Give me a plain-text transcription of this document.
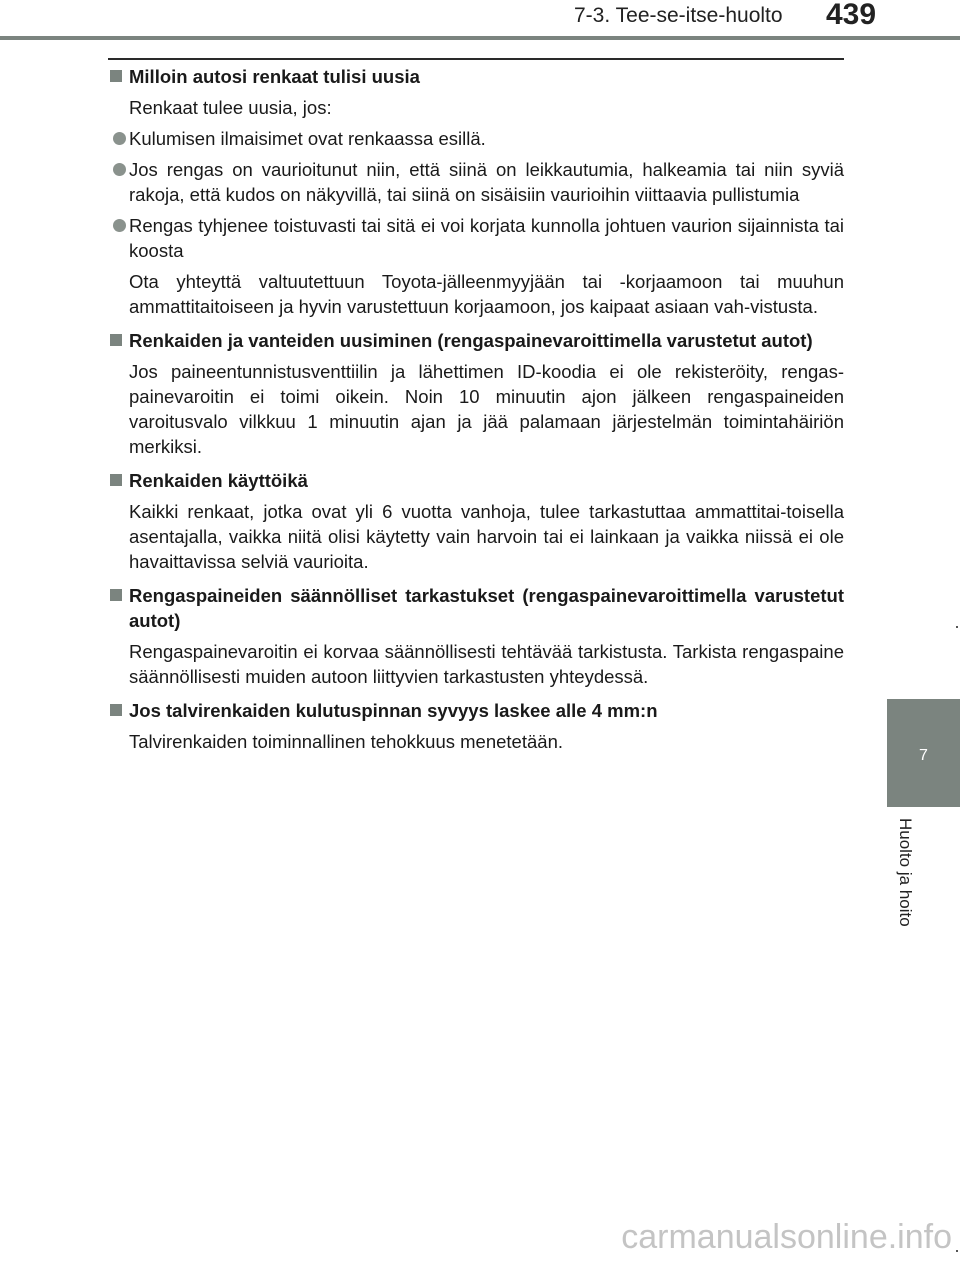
7-3. Tee-se-itse-huolto 439
7
Huolto ja hoito
Milloin autosi renkaat tulisi uusia
Renkaat tulee uusia, jos:
Kulumisen ilmaisimet ovat renkaassa esillä.
Jos rengas on vaurioitunut niin, että siinä on leikkautumia, halkeamia tai niin syviä rakoja, että kudos on näkyvillä, tai siinä on sisäisiin vaurioihin viittaavia pullistumia
Rengas tyhjenee toistuvasti tai sitä ei voi korjata kunnolla johtuen vaurion sijainnista tai koosta
Ota yhteyttä valtuutettuun Toyota-jälleenmyyjään tai -korjaamoon tai muuhun ammattitaitoiseen ja hyvin varustettuun korjaamoon, jos kaipaat asiaan vah-vistusta.
Renkaiden ja vanteiden uusiminen (rengaspainevaroittimella varustetut autot)
Jos paineentunnistusventtiilin ja lähettimen ID-koodia ei ole rekisteröity, rengas-painevaroitin ei toimi oikein. Noin 10 minuutin ajon jälkeen rengaspaineiden varoitusvalo vilkkuu 1 minuutin ajan ja jää palamaan järjestelmän toimintahäiriön merkiksi.
Renkaiden käyttöikä
Kaikki renkaat, jotka ovat yli 6 vuotta vanhoja, tulee tarkastuttaa ammattitai-toisella asentajalla, vaikka niitä olisi käytetty vain harvoin tai ei lainkaan ja vaikka niissä ei ole havaittavissa selviä vaurioita.
Rengaspaineiden säännölliset tarkastukset (rengaspainevaroittimella varustetut autot)
Rengaspainevaroitin ei korvaa säännöllisesti tehtävää tarkistusta. Tarkista rengaspaine säännöllisesti muiden autoon liittyvien tarkastusten yhteydessä.
Jos talvirenkaiden kulutuspinnan syvyys laskee alle 4 mm:n
Talvirenkaiden toiminnallinen tehokkuus menetetään.
carmanualsonline.info
